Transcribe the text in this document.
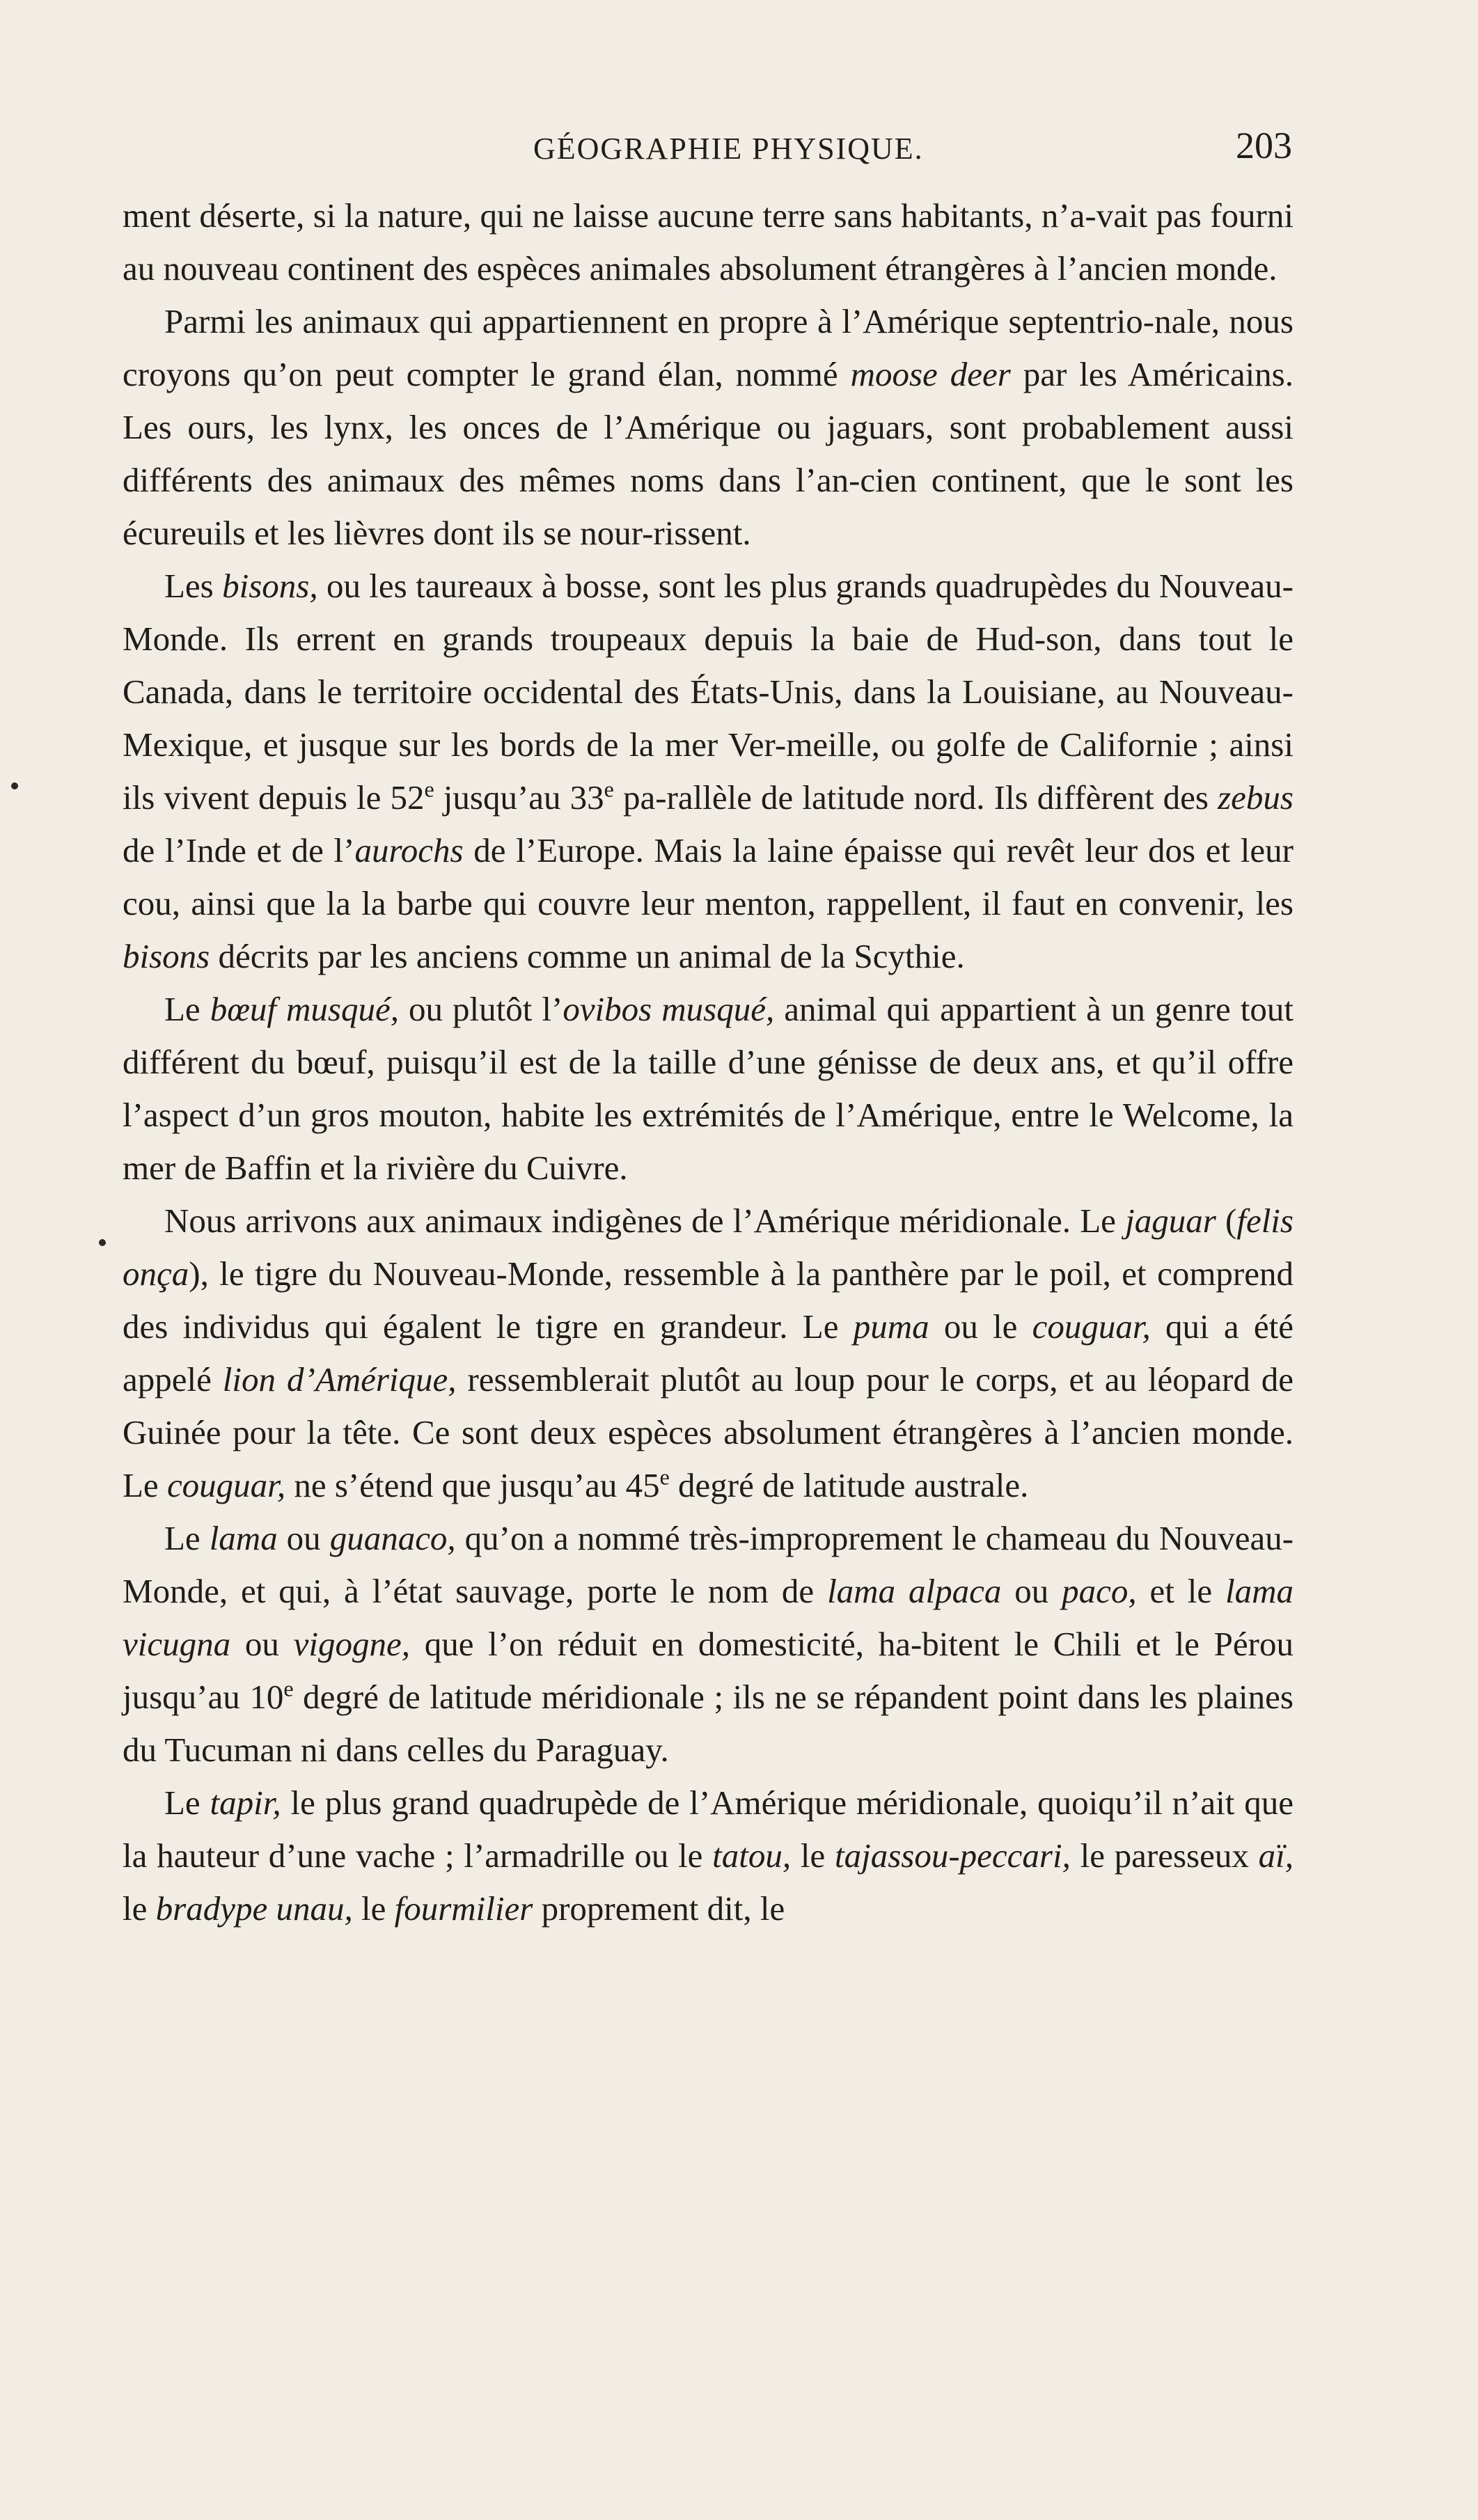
GÉOGRAPHIE PHYSIQUE.	203

ment déserte, si la nature, qui ne laisse aucune terre sans habitants, n’a-vait pas fourni au nouveau continent des espèces animales absolument étrangères à l’ancien monde.

Parmi les animaux qui appartiennent en propre à l’Amérique septentrio-nale, nous croyons qu’on peut compter le grand élan, nommé moose deer par les Américains. Les ours, les lynx, les onces de l’Amérique ou jaguars, sont probablement aussi différents des animaux des mêmes noms dans l’an-cien continent, que le sont les écureuils et les lièvres dont ils se nour-rissent.

Les bisons, ou les taureaux à bosse, sont les plus grands quadrupèdes du Nouveau-Monde. Ils errent en grands troupeaux depuis la baie de Hud-son, dans tout le Canada, dans le territoire occidental des États-Unis, dans la Louisiane, au Nouveau-Mexique, et jusque sur les bords de la mer Ver-meille, ou golfe de Californie ; ainsi ils vivent depuis le 52e jusqu’au 33e pa-rallèle de latitude nord. Ils diffèrent des zebus de l’Inde et de l’aurochs de l’Europe. Mais la laine épaisse qui revêt leur dos et leur cou, ainsi que la la barbe qui couvre leur menton, rappellent, il faut en convenir, les bisons décrits par les anciens comme un animal de la Scythie.

Le bœuf musqué, ou plutôt l’ovibos musqué, animal qui appartient à un genre tout différent du bœuf, puisqu’il est de la taille d’une génisse de deux ans, et qu’il offre l’aspect d’un gros mouton, habite les extrémités de l’Amérique, entre le Welcome, la mer de Baffin et la rivière du Cuivre.

Nous arrivons aux animaux indigènes de l’Amérique méridionale. Le jaguar (felis onça), le tigre du Nouveau-Monde, ressemble à la panthère par le poil, et comprend des individus qui égalent le tigre en grandeur. Le puma ou le couguar, qui a été appelé lion d’Amérique, ressemblerait plutôt au loup pour le corps, et au léopard de Guinée pour la tête. Ce sont deux espèces absolument étrangères à l’ancien monde. Le couguar, ne s’étend que jusqu’au 45e degré de latitude australe.

Le lama ou guanaco, qu’on a nommé très-improprement le chameau du Nouveau-Monde, et qui, à l’état sauvage, porte le nom de lama alpaca ou paco, et le lama vicugna ou vigogne, que l’on réduit en domesticité, ha-bitent le Chili et le Pérou jusqu’au 10e degré de latitude méridionale ; ils ne se répandent point dans les plaines du Tucuman ni dans celles du Paraguay.

Le tapir, le plus grand quadrupède de l’Amérique méridionale, quoiqu’il n’ait que la hauteur d’une vache ; l’armadrille ou le tatou, le tajassou-peccari, le paresseux aï, le bradype unau, le fourmilier proprement dit, le
